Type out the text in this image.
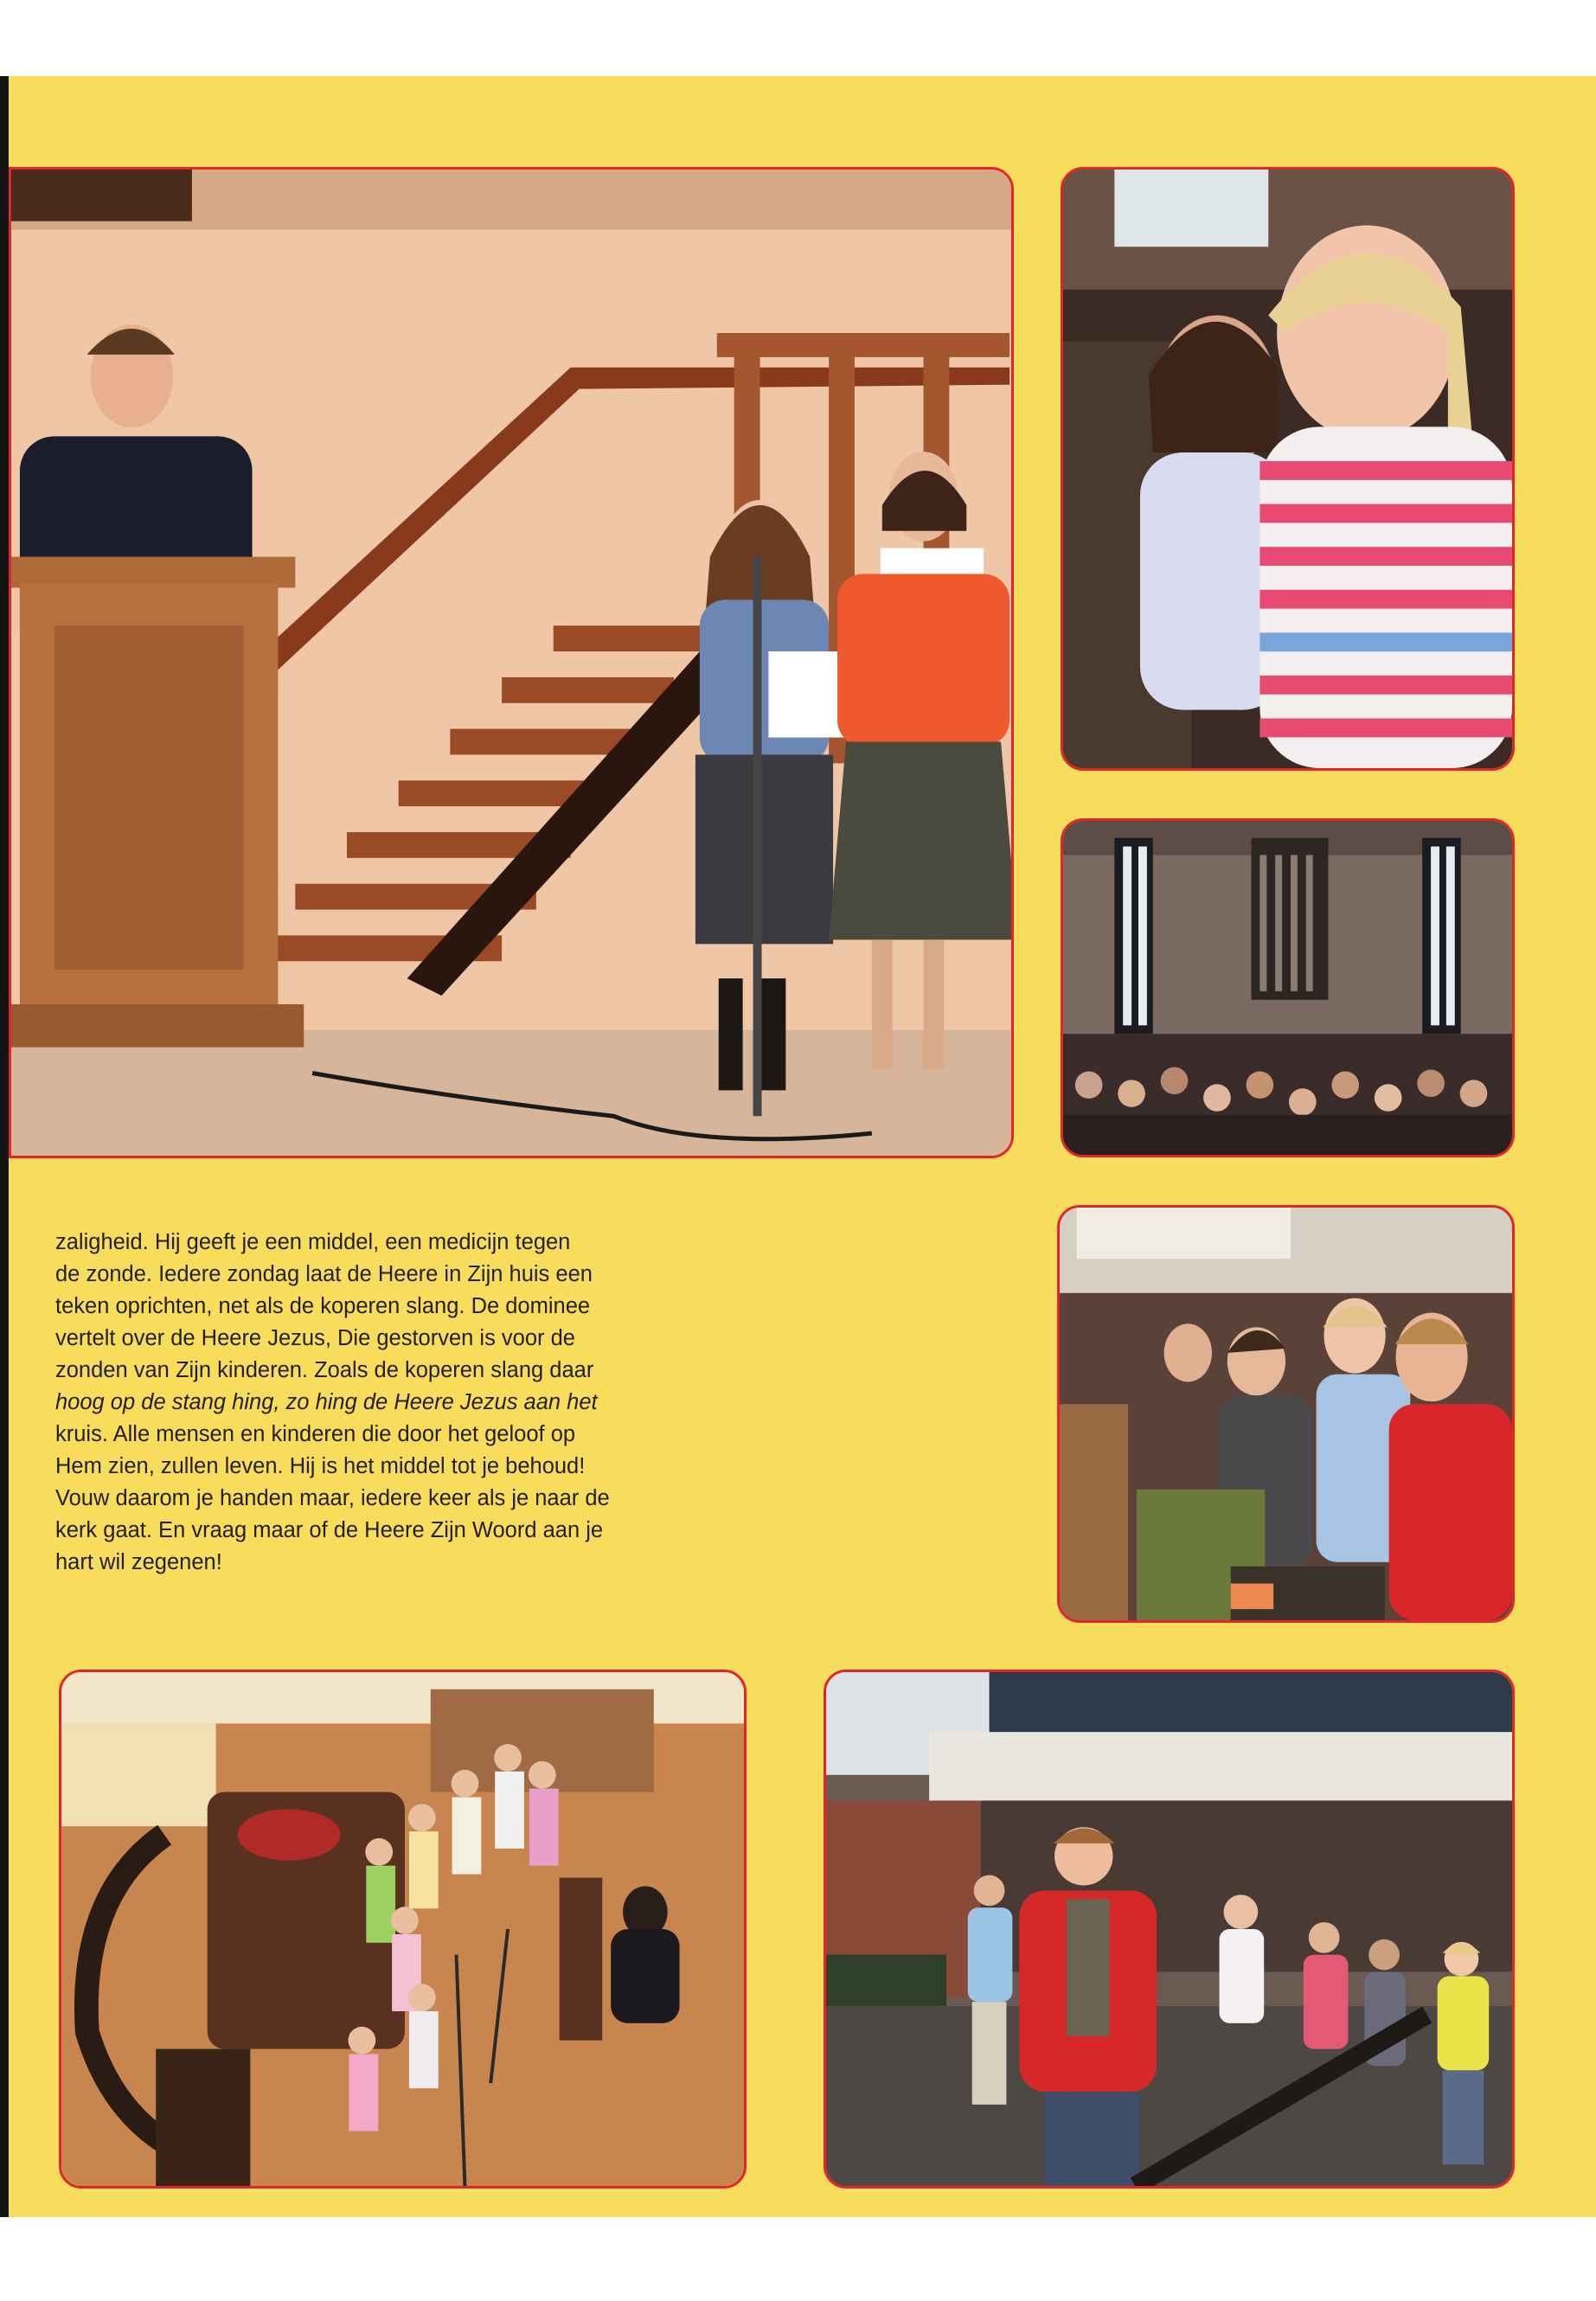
zaligheid. Hij geeft je een middel, een medicijn tegen
de zonde. Iedere zondag laat de Heere in Zijn huis een
teken oprichten, net als de koperen slang. De dominee
vertelt over de Heere Jezus, Die gestorven is voor de
zonden van Zijn kinderen. Zoals de koperen slang daar
hoog op de stang hing, zo hing de Heere Jezus aan het
kruis. Alle mensen en kinderen die door het geloof op
Hem zien, zullen leven. Hij is het middel tot je behoud!
Vouw daarom je handen maar, iedere keer als je naar de
kerk gaat. En vraag maar of de Heere Zijn Woord aan je
hart wil zegenen!
